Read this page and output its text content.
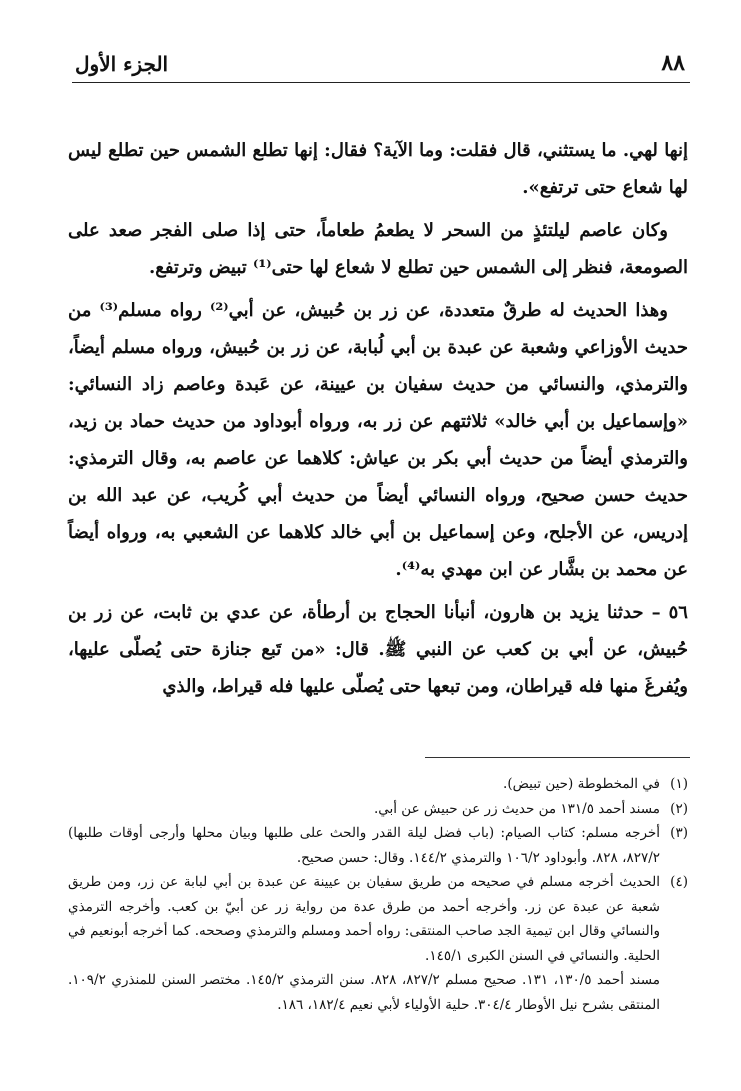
٨٨
الجزء الأول

إنها لهي. ما يستثني، قال فقلت: وما الآية؟ فقال: إنها تطلع الشمس حين تطلع ليس لها شعاع حتى ترتفع».

وكان عاصم ليلتئذٍ من السحر لا يطعمُ طعاماً، حتى إذا صلى الفجر صعد على الصومعة، فنظر إلى الشمس حين تطلع لا شعاع لها حتى⁽¹⁾ تبيض وترتفع.

وهذا الحديث له طرقٌ متعددة، عن زر بن حُبيش، عن أبي⁽²⁾ رواه مسلم⁽³⁾ من حديث الأوزاعي وشعبة عن عبدة بن أبي لُبابة، عن زر بن حُبيش، ورواه مسلم أيضاً، والترمذي، والنسائي من حديث سفيان بن عيينة، عن عَبدة وعاصم زاد النسائي: «وإسماعيل بن أبي خالد» ثلاثتهم عن زر به، ورواه أبوداود من حديث حماد بن زيد، والترمذي أيضاً من حديث أبي بكر بن عياش: كلاهما عن عاصم به، وقال الترمذي: حديث حسن صحيح، ورواه النسائي أيضاً من حديث أبي كُريب، عن عبد الله بن إدريس، عن الأجلح، وعن إسماعيل بن أبي خالد كلاهما عن الشعبي به، ورواه أيضاً عن محمد بن بشَّار عن ابن مهدي به⁽⁴⁾.

٥٦ – حدثنا يزيد بن هارون، أنبأنا الحجاج بن أرطأة، عن عدي بن ثابت، عن زر بن حُبيش، عن أبي بن كعب عن النبي ﷺ. قال: «من تَبع جنازة حتى يُصلّى عليها، ويُفرغَ منها فله قيراطان، ومن تبعها حتى يُصلّى عليها فله قيراط، والذي

(١)
في المخطوطة (حين تبيض).
(٢)
مسند أحمد ١٣١/٥ من حديث زر عن حبيش عن أبي.
(٣)
أخرجه مسلم: كتاب الصيام: (باب فضل ليلة القدر والحث على طلبها وبيان محلها وأرجى أوقات طلبها) ٨٢٧/٢، ٨٢٨. وأبوداود ١٠٦/٢ والترمذي ١٤٤/٢. وقال: حسن صحيح.
(٤)
الحديث أخرجه مسلم في صحيحه من طريق سفيان بن عيينة عن عبدة بن أبي لبابة عن زر، ومن طريق شعبة عن عبدة عن زر. وأخرجه أحمد من طرق عدة من رواية زر عن أبيّ بن كعب. وأخرجه الترمذي والنسائي وقال ابن تيمية الجد صاحب المنتقى: رواه أحمد ومسلم والترمذي وصححه. كما أخرجه أبونعيم في الحلية. والنسائي في السنن الكبرى ١٤٥/١.
مسند أحمد ١٣٠/٥، ١٣١. صحيح مسلم ٨٢٧/٢، ٨٢٨. سنن الترمذي ١٤٥/٢. مختصر السنن للمنذري ١٠٩/٢. المنتقى بشرح نيل الأوطار ٣٠٤/٤. حلية الأولياء لأبي نعيم ١٨٢/٤، ١٨٦.
